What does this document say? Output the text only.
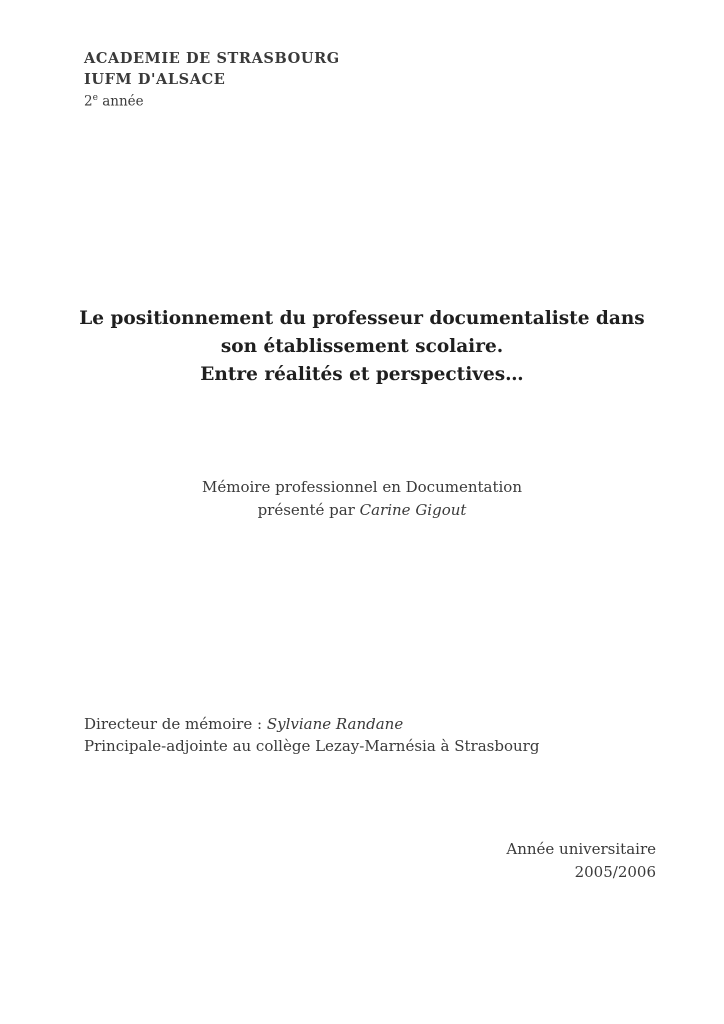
ACADEMIE DE STRASBOURG
IUFM D'ALSACE
2e année
Le positionnement du professeur documentaliste dans
son établissement scolaire.
Entre réalités et perspectives…
Mémoire professionnel en Documentation
présenté par Carine Gigout
Directeur de mémoire : Sylviane Randane
Principale-adjointe au collège Lezay-Marnésia à Strasbourg
Année universitaire
2005/2006
